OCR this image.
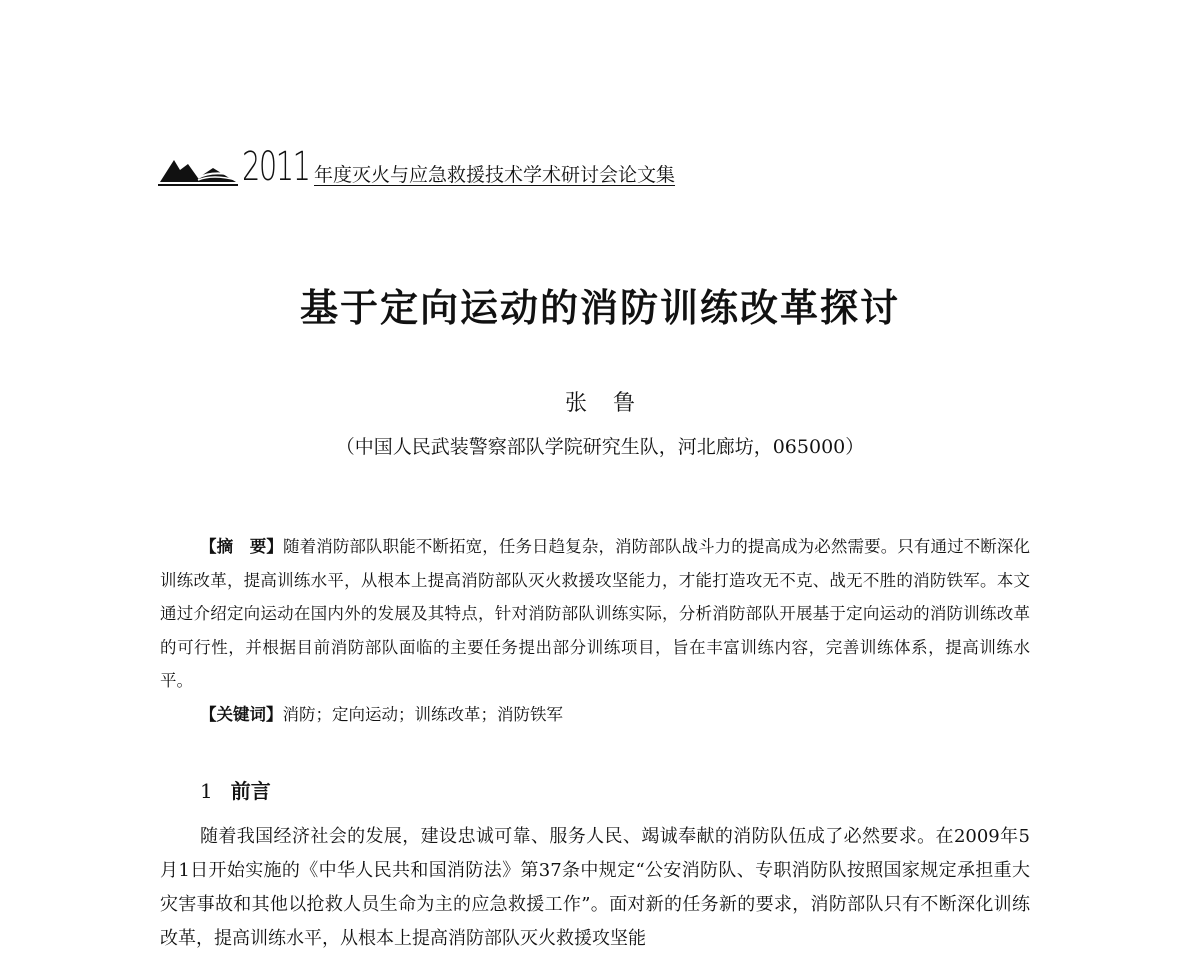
2011 年度灭火与应急救援技术学术研讨会论文集
基于定向运动的消防训练改革探讨
张鲁
（中国人民武装警察部队学院研究生队，河北廊坊，065000）

【摘　要】随着消防部队职能不断拓宽，任务日趋复杂，消防部队战斗力的提高成为必然需要。只有通过不断深化训练改革，提高训练水平，从根本上提高消防部队灭火救援攻坚能力，才能打造攻无不克、战无不胜的消防铁军。本文通过介绍定向运动在国内外的发展及其特点，针对消防部队训练实际，分析消防部队开展基于定向运动的消防训练改革的可行性，并根据目前消防部队面临的主要任务提出部分训练项目，旨在丰富训练内容，完善训练体系，提高训练水平。

【关键词】消防；定向运动；训练改革；消防铁军

1 前言

随着我国经济社会的发展，建设忠诚可靠、服务人民、竭诚奉献的消防队伍成了必然要求。在2009年5月1日开始实施的《中华人民共和国消防法》第37条中规定“公安消防队、专职消防队按照国家规定承担重大灾害事故和其他以抢救人员生命为主的应急救援工作”。面对新的任务新的要求，消防部队只有不断深化训练改革，提高训练水平，从根本上提高消防部队灭火救援攻坚能
